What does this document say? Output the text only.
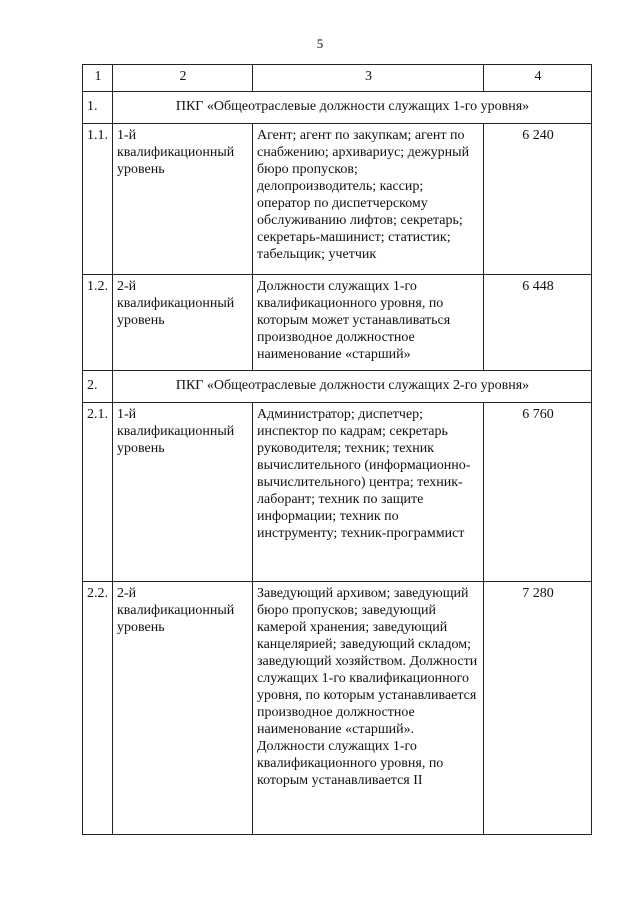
5
1	2	3	4
1.	ПКГ «Общеотраслевые должности служащих 1-го уровня»		
1.1.	1-й квалификационный уровень	Агент; агент по закупкам; агент по снабжению; архивариус; дежурный бюро пропусков; делопроизводитель; кассир; оператор по диспетчерскому обслуживанию лифтов; секретарь; секретарь-машинист; статистик; табельщик; учетчик	6 240
1.2.	2-й квалификационный уровень	Должности служащих 1-го квалификационного уровня, по которым может устанавливаться производное должностное наименование «старший»	6 448
2.	ПКГ «Общеотраслевые должности служащих 2-го уровня»		
2.1.	1-й квалификационный уровень	Администратор; диспетчер; инспектор по кадрам; секретарь руководителя; техник; техник вычислительного (информационно-вычислительного) центра; техник-лаборант; техник по защите информации; техник по инструменту; техник-программист	6 760
2.2.	2-й квалификационный уровень	Заведующий архивом; заведующий бюро пропусков; заведующий камерой хранения; заведующий канцелярией; заведующий складом; заведующий хозяйством. Должности служащих 1-го квалификационного уровня, по которым устанавливается производное должностное наименование «старший». Должности служащих 1-го квалификационного уровня, по которым устанавливается II	7 280
